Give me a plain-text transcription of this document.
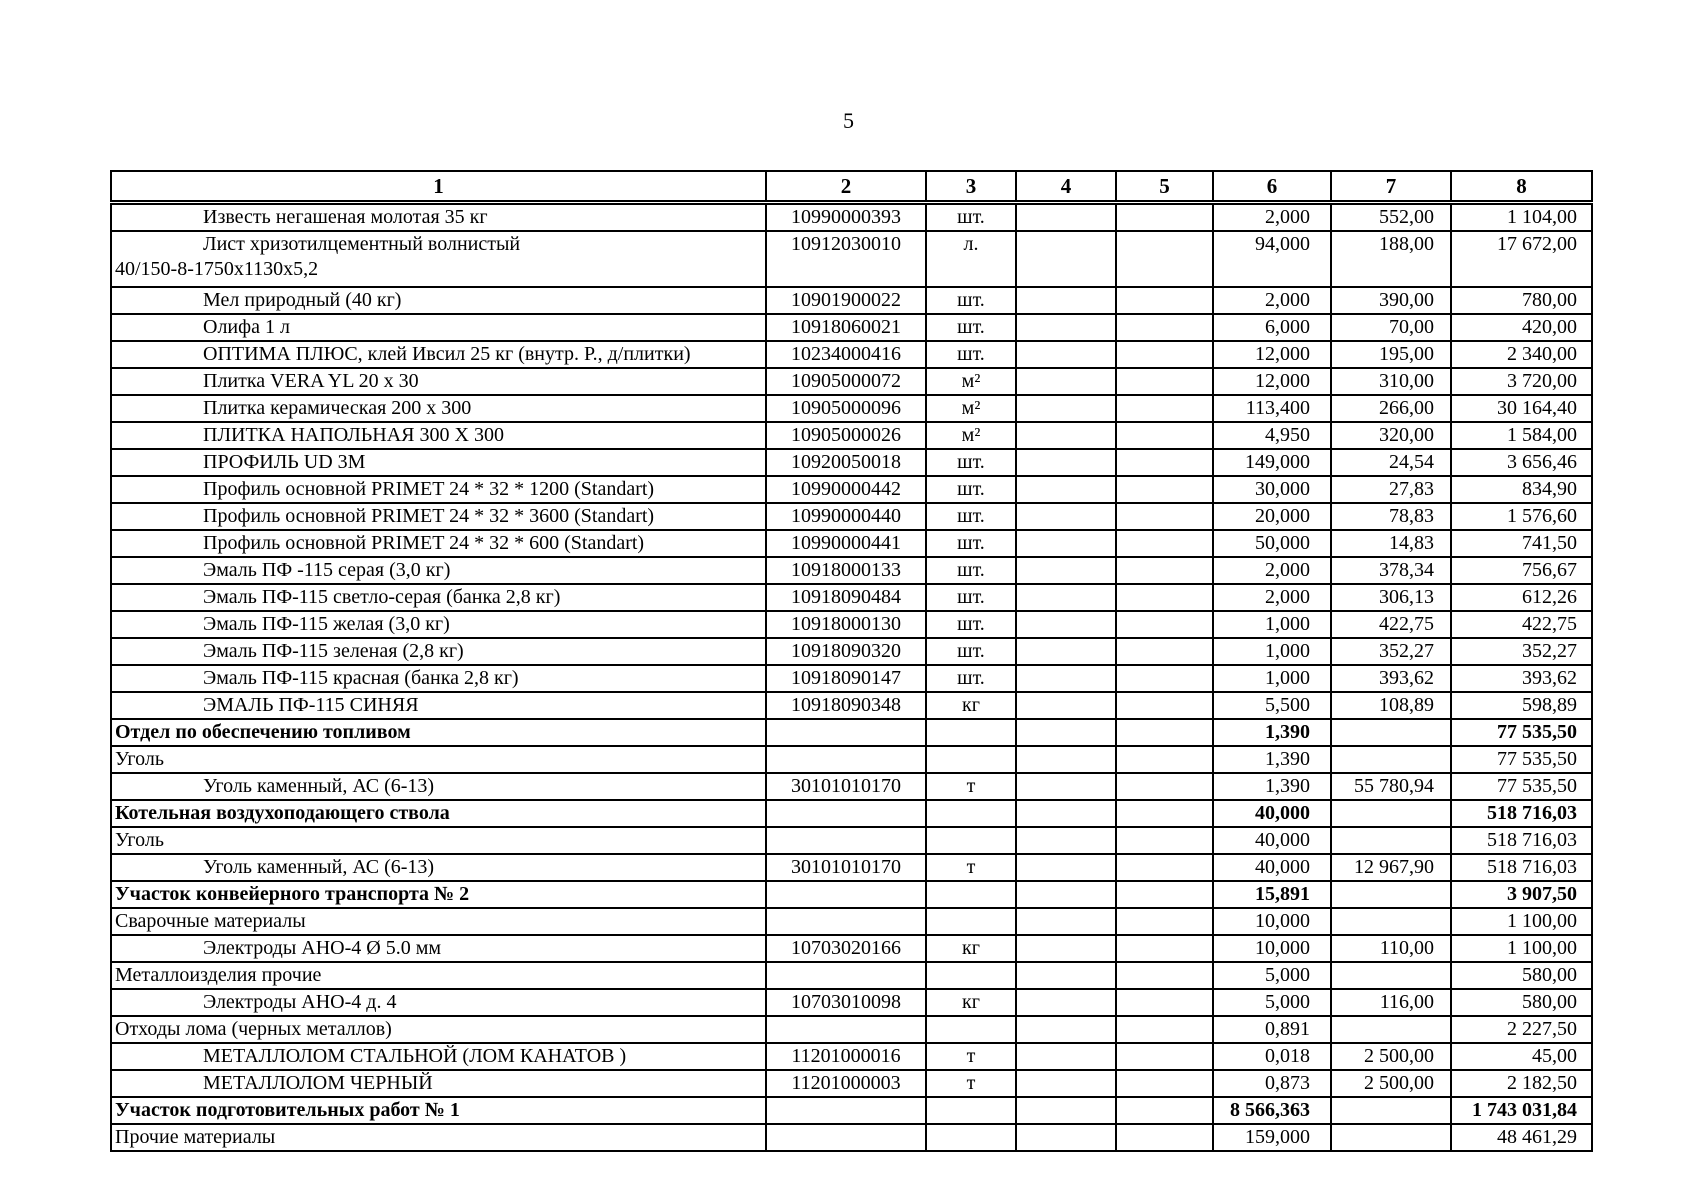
5
1	2	3	4	5	6	7	8
Известь негашеная молотая 35 кг	10990000393	шт.			2,000	552,00	1 104,00
Лист хризотилцементный волнистый
40/150-8-1750х1130х5,2	10912030010	л.			94,000	188,00	17 672,00
Мел природный (40 кг)	10901900022	шт.			2,000	390,00	780,00
Олифа 1 л	10918060021	шт.			6,000	70,00	420,00
ОПТИМА ПЛЮС, клей Ивсил 25 кг (внутр. Р., д/плитки)	10234000416	шт.			12,000	195,00	2 340,00
Плитка VERA YL 20 х 30	10905000072	м²			12,000	310,00	3 720,00
Плитка керамическая 200 х 300	10905000096	м²			113,400	266,00	30 164,40
ПЛИТКА НАПОЛЬНАЯ 300 Х 300	10905000026	м²			4,950	320,00	1 584,00
ПРОФИЛЬ UD 3М	10920050018	шт.			149,000	24,54	3 656,46
Профиль основной PRIMET 24 * 32 * 1200 (Standart)	10990000442	шт.			30,000	27,83	834,90
Профиль основной PRIMET 24 * 32 * 3600 (Standart)	10990000440	шт.			20,000	78,83	1 576,60
Профиль основной PRIMET 24 * 32 * 600 (Standart)	10990000441	шт.			50,000	14,83	741,50
Эмаль ПФ -115 серая (3,0 кг)	10918000133	шт.			2,000	378,34	756,67
Эмаль ПФ-115 светло-серая (банка 2,8 кг)	10918090484	шт.			2,000	306,13	612,26
Эмаль ПФ-115 желая (3,0 кг)	10918000130	шт.			1,000	422,75	422,75
Эмаль ПФ-115 зеленая (2,8 кг)	10918090320	шт.			1,000	352,27	352,27
Эмаль ПФ-115 красная (банка 2,8 кг)	10918090147	шт.			1,000	393,62	393,62
ЭМАЛЬ ПФ-115 СИНЯЯ	10918090348	кг			5,500	108,89	598,89
Отдел по обеспечению топливом					1,390		77 535,50
Уголь					1,390		77 535,50
Уголь каменный, АС (6-13)	30101010170	т			1,390	55 780,94	77 535,50
Котельная воздухоподающего ствола					40,000		518 716,03
Уголь					40,000		518 716,03
Уголь каменный, АС (6-13)	30101010170	т			40,000	12 967,90	518 716,03
Участок конвейерного транспорта № 2					15,891		3 907,50
Сварочные материалы					10,000		1 100,00
Электроды АНО-4 Ø 5.0 мм	10703020166	кг			10,000	110,00	1 100,00
Металлоизделия прочие					5,000		580,00
Электроды АНО-4 д. 4	10703010098	кг			5,000	116,00	580,00
Отходы лома (черных металлов)					0,891		2 227,50
МЕТАЛЛОЛОМ СТАЛЬНОЙ (ЛОМ КАНАТОВ )	11201000016	т			0,018	2 500,00	45,00
МЕТАЛЛОЛОМ ЧЕРНЫЙ	11201000003	т			0,873	2 500,00	2 182,50
Участок подготовительных работ № 1					8 566,363		1 743 031,84
Прочие материалы					159,000		48 461,29
